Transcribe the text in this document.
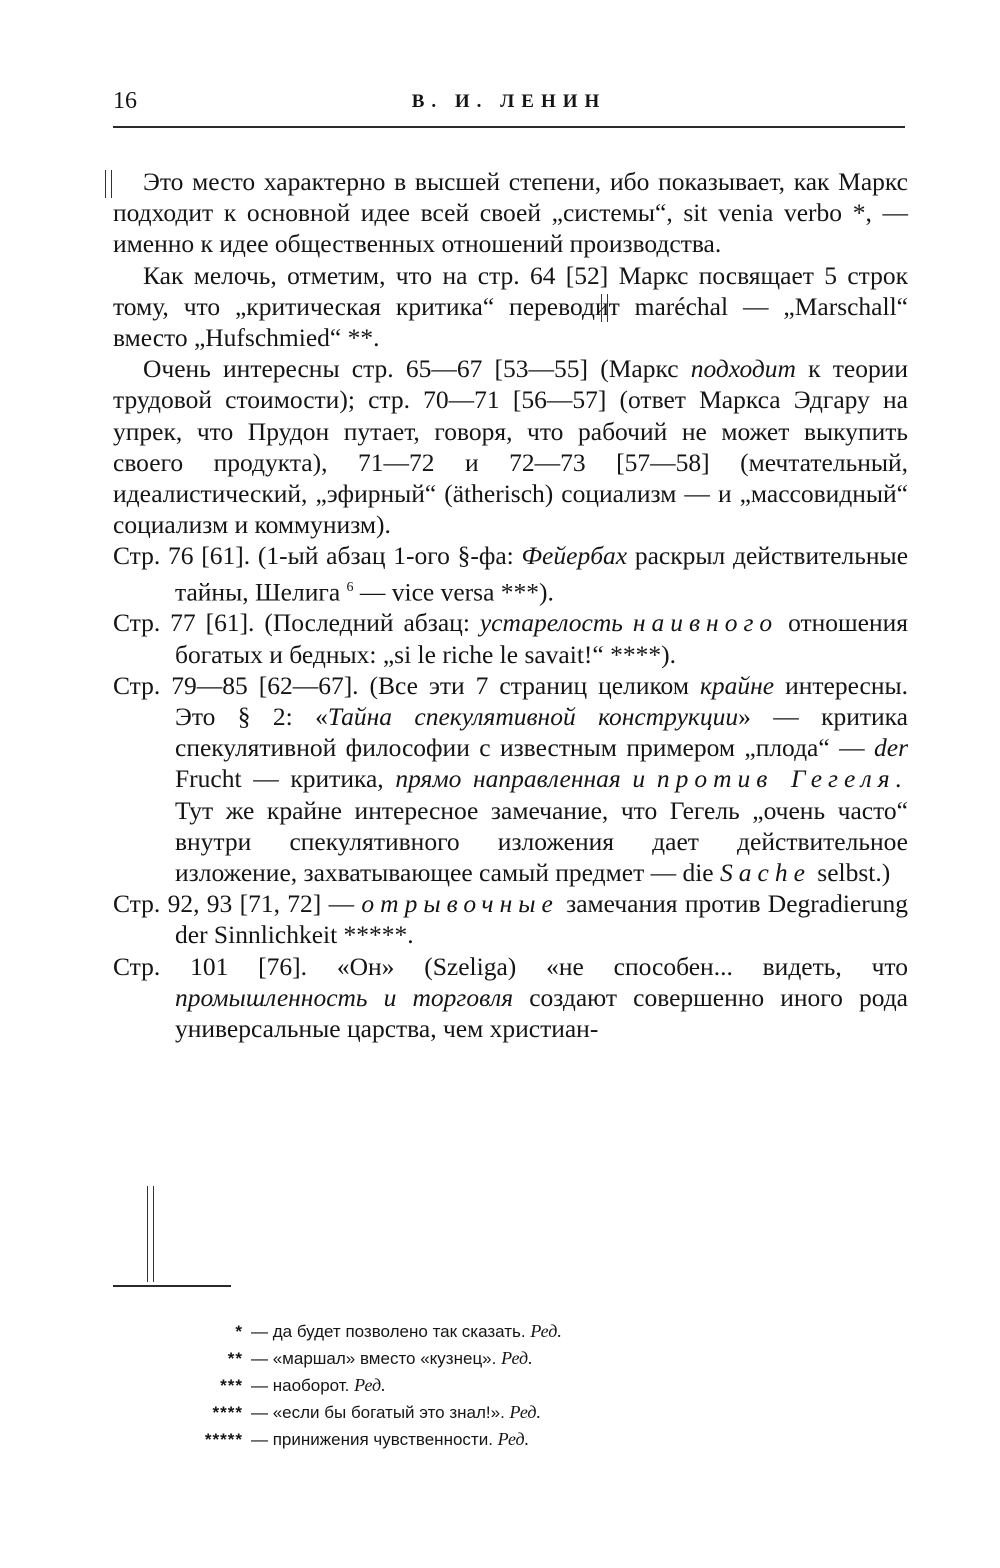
16	В. И. ЛЕНИН

Это место характерно в высшей степени, ибо показывает, как Маркс подходит к основной идее всей своей „системы“, sit venia verbo *, — именно к идее общественных отношений производства.

Как мелочь, отметим, что на стр. 64 [52] Маркс посвящает 5 строк тому, что „критическая критика“ переводит maréchal — „Marschall“ вместо „Hufschmied“ **.

Очень интересны стр. 65—67 [53—55] (Маркс подходит к теории трудовой стоимости); стр. 70—71 [56—57] (ответ Маркса Эдгару на упрек, что Прудон путает, говоря, что рабочий не может выкупить своего продукта), 71—72 и 72—73 [57—58] (мечтательный, идеалистический, „эфирный“ (ätherisch) социализм — и „массовидный“ социализм и коммунизм).

Стр. 76 [61]. (1-ый абзац 1-ого §-фа: Фейербах раскрыл действительные тайны, Шелига $^6$ — vice versa ***).

Стр. 77 [61]. (Последний абзац: устарелость наивного отношения богатых и бедных: „si le riche le savait!“ ****).

Стр. 79—85 [62—67]. (Все эти 7 страниц целиком крайне интересны. Это § 2: «Тайна спекулятивной конструкции» — критика спекулятивной философии с известным примером „плода“ — der Frucht — критика, прямо направленная и против Гегеля. Тут же крайне интересное замечание, что Гегель „очень часто“ внутри спекулятивного изложения дает действительное изложение, захватывающее самый предмет — die Sache selbst.)

Стр. 92, 93 [71, 72] — отрывочные замечания против Degradierung der Sinnlichkeit *****.

Стр. 101 [76]. «Он» (Szeliga) «не способен... видеть, что промышленность и торговля создают совершенно иного рода универсальные царства, чем христиан-

* — да будет позволено так сказать. Ред.
** — «маршал» вместо «кузнец». Ред.
*** — наоборот. Ред.
**** — «если бы богатый это знал!». Ред.
***** — принижения чувственности. Ред.
